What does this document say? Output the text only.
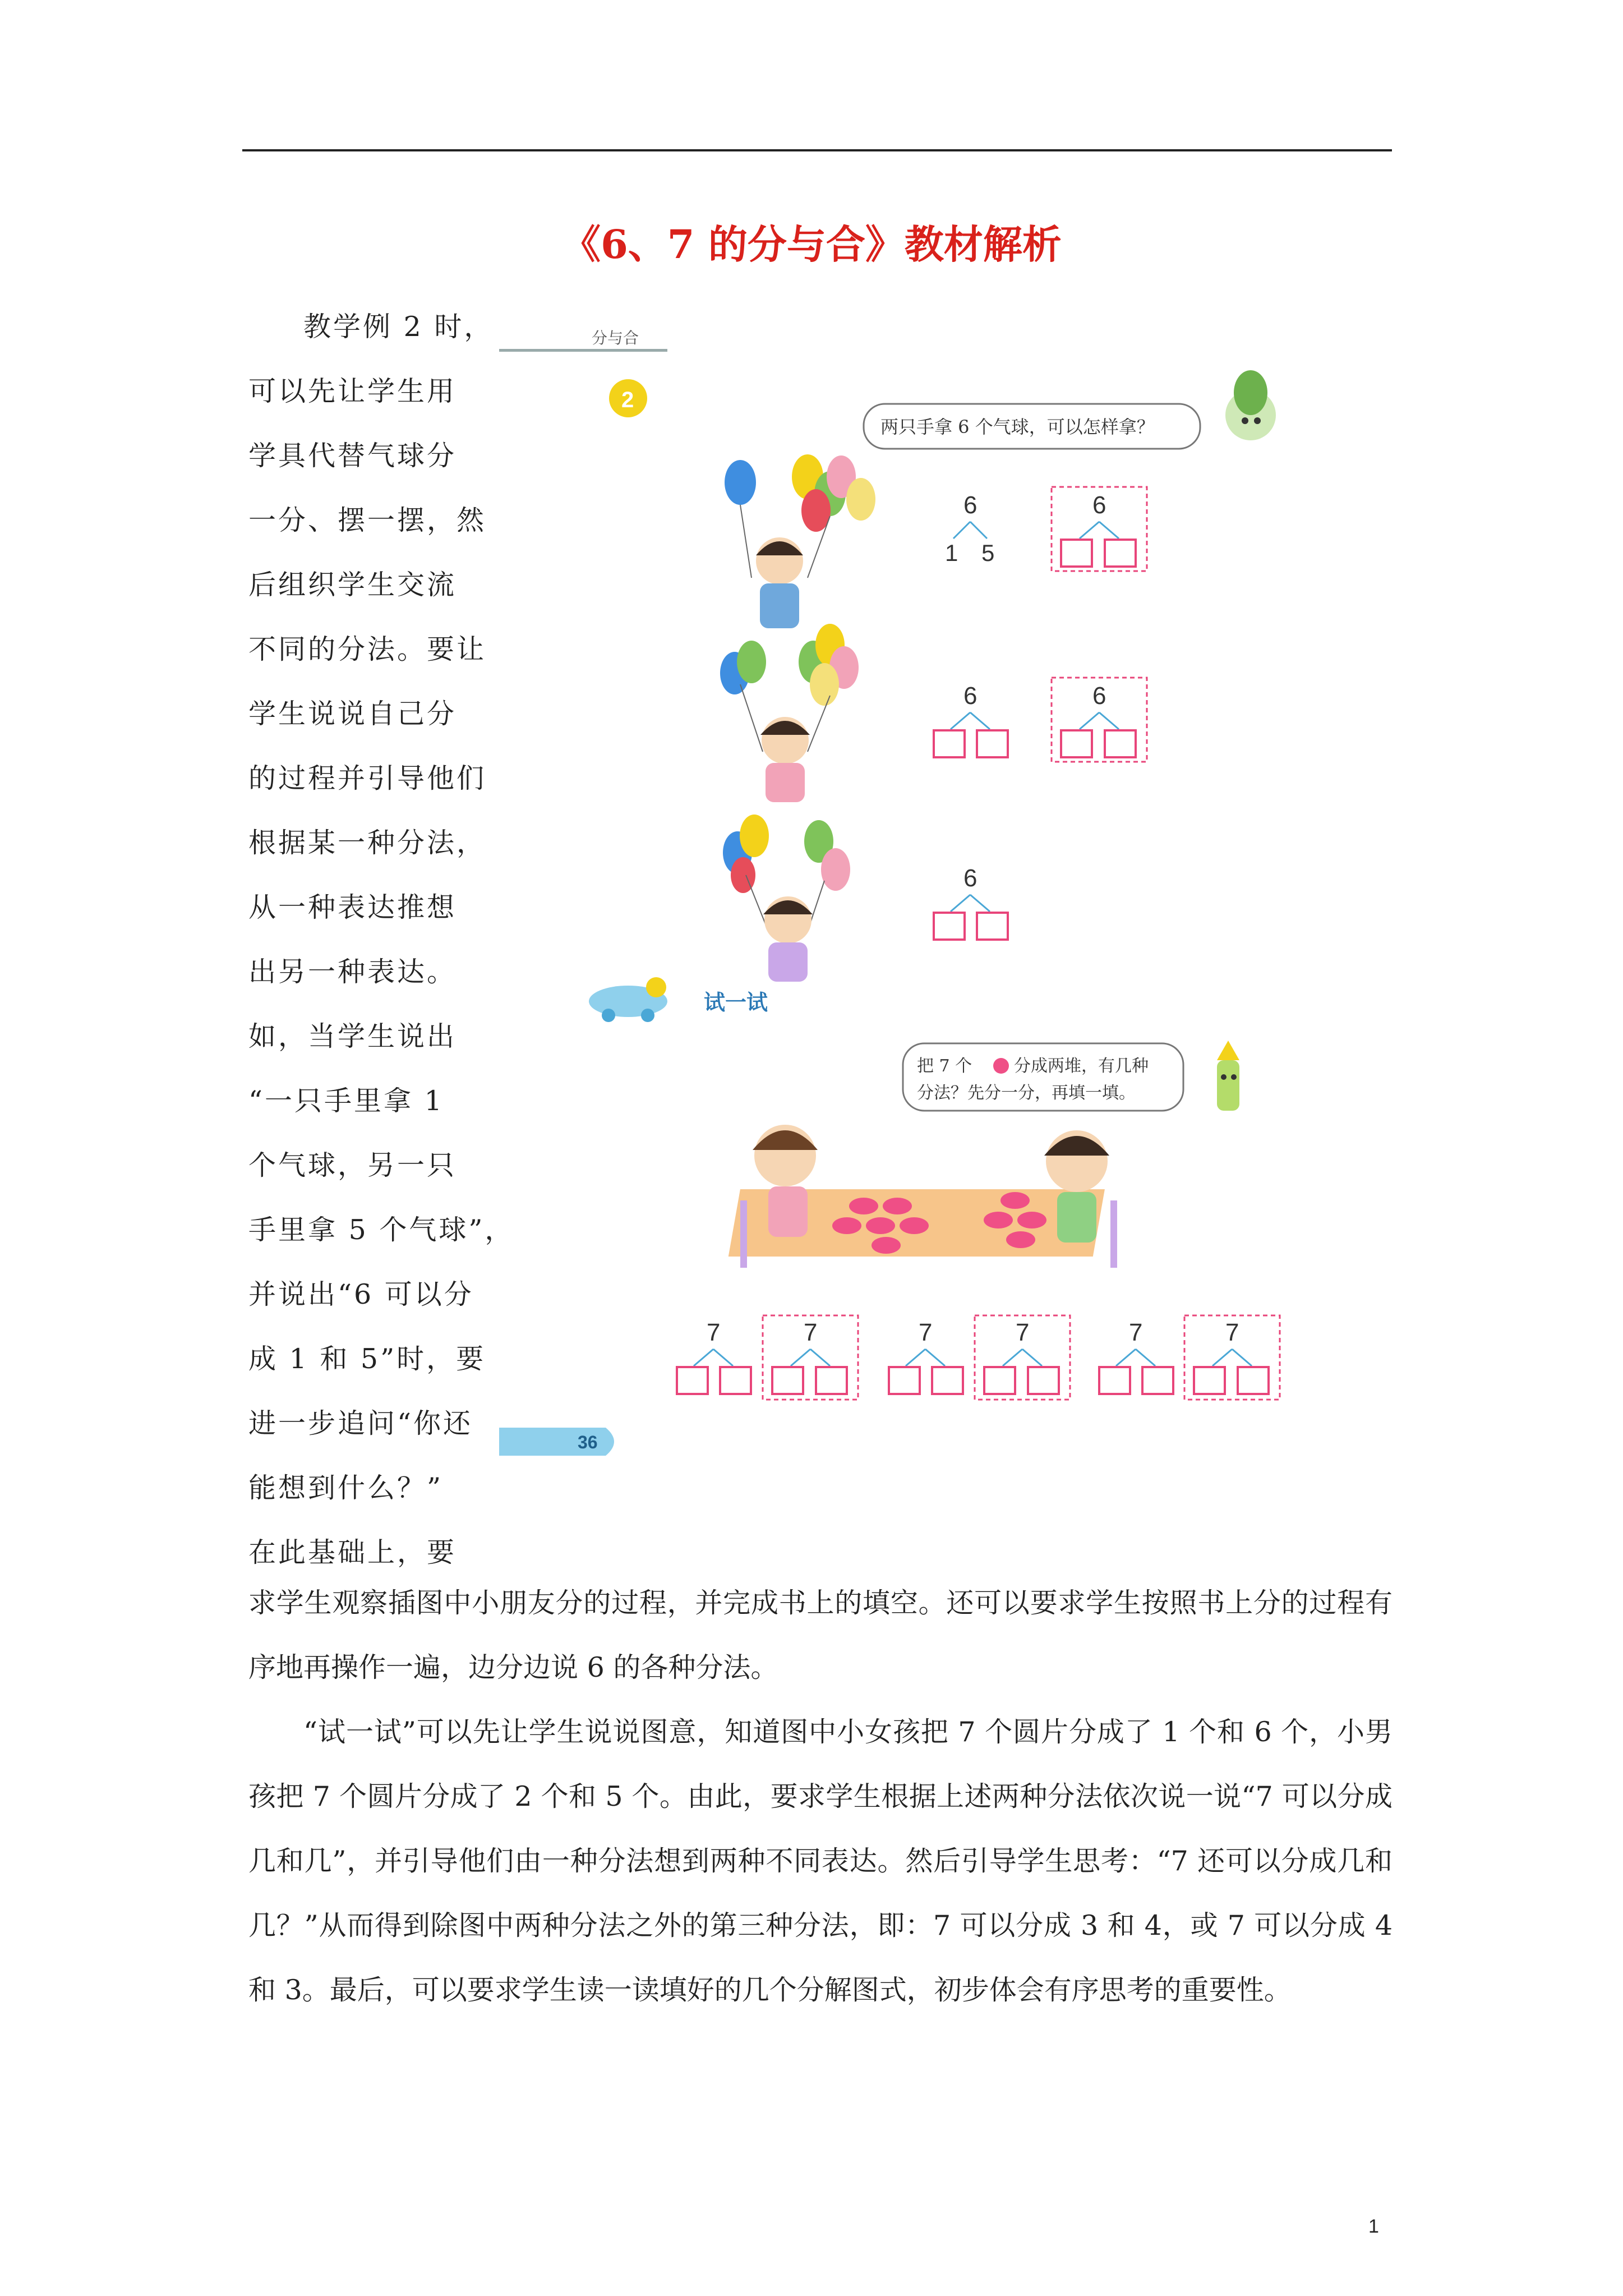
《6、7 的分与合》教材解析
教学例 2 时，
可以先让学生用
学具代替气球分
一分、摆一摆，然
后组织学生交流
不同的分法。要让
学生说说自己分
的过程并引导他们
根据某一种分法，
从一种表达推想
出另一种表达。
如，当学生说出
“一只手里拿 1
个气球，另一只
手里拿 5 个气球”，
并说出“6 可以分
成 1 和 5”时，要
进一步追问“你还
能想到什么？”
在此基础上，要
分与合
2
两只手拿 6 个气球，可以怎样拿？
6
1 5
6
6	6
6
试一试
把 7 个 分成两堆，有几种
分法？先分一分，再填一填。
7	7	7	7	7	7
36

求学生观察插图中小朋友分的过程，并完成书上的填空。还可以要求学生按照书上分的过程有序地再操作一遍，边分边说 6 的各种分法。

“试一试”可以先让学生说说图意，知道图中小女孩把 7 个圆片分成了 1 个和 6 个，小男孩把 7 个圆片分成了 2 个和 5 个。由此，要求学生根据上述两种分法依次说一说“7 可以分成几和几”，并引导他们由一种分法想到两种不同表达。然后引导学生思考：“7 还可以分成几和几？”从而得到除图中两种分法之外的第三种分法，即：7 可以分成 3 和 4，或 7 可以分成 4 和 3。最后，可以要求学生读一读填好的几个分解图式，初步体会有序思考的重要性。

1
